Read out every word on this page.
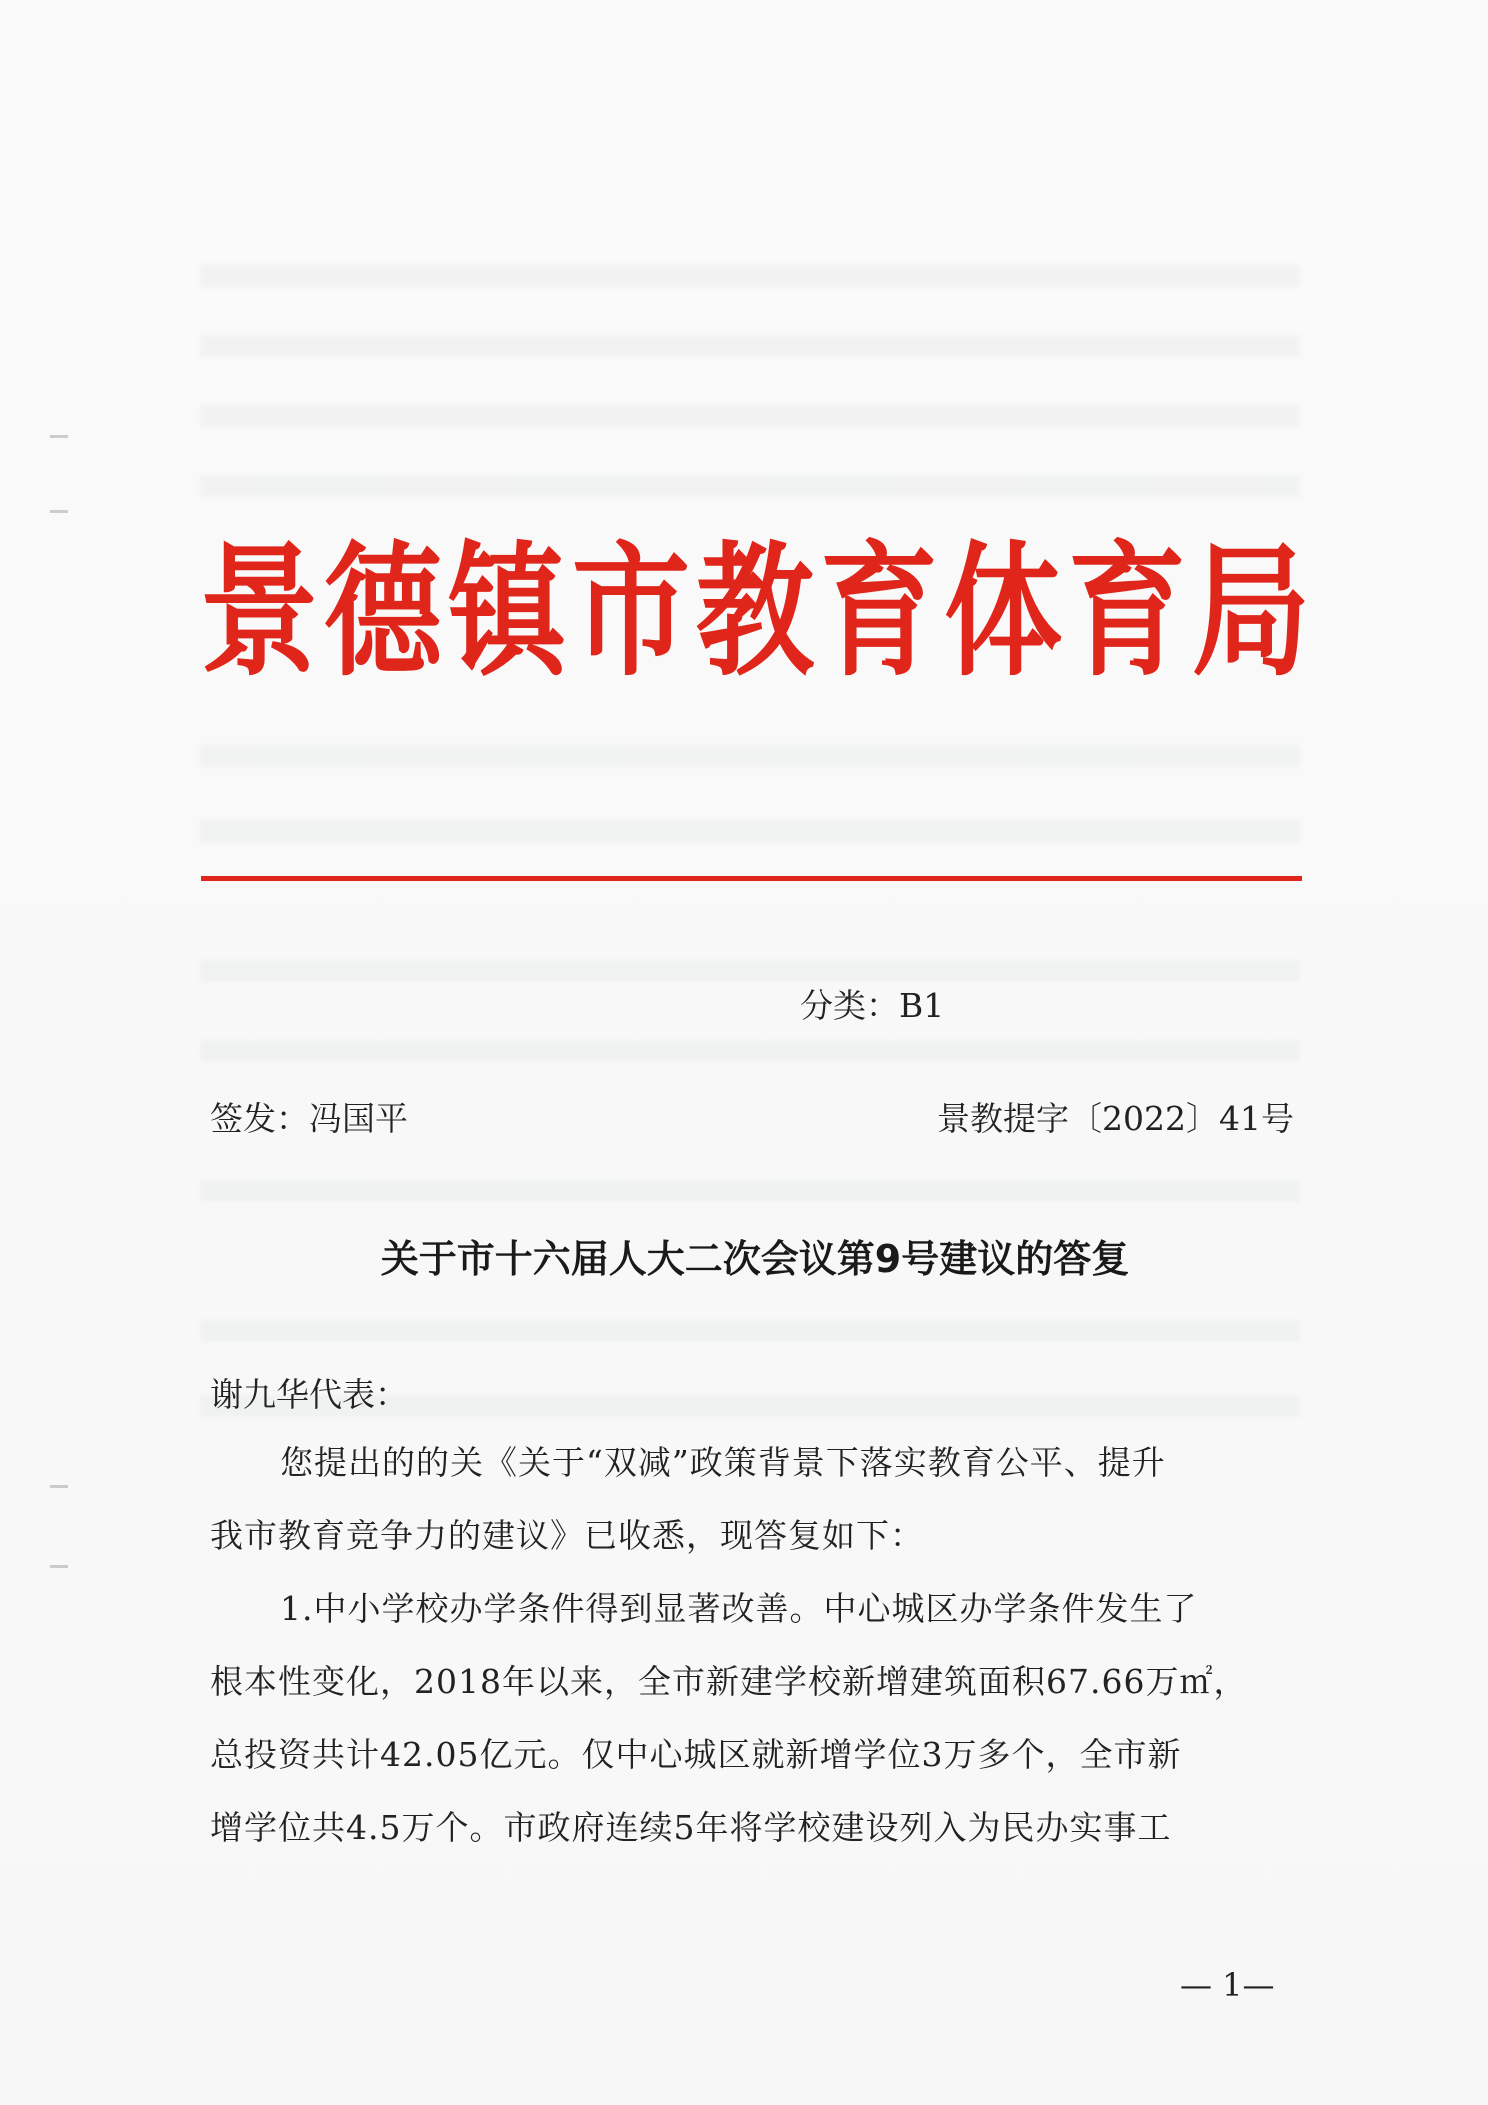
景德镇市教育体育局
分类：B1
签发：冯国平	景教提字〔2022〕41号
关于市十六届人大二次会议第9号建议的答复
谢九华代表：
您提出的的关《关于“双减”政策背景下落实教育公平、提升
我市教育竞争力的建议》已收悉，现答复如下：
1.中小学校办学条件得到显著改善。中心城区办学条件发生了
根本性变化，2018年以来，全市新建学校新增建筑面积67.66万㎡，
总投资共计42.05亿元。仅中心城区就新增学位3万多个，全市新
增学位共4.5万个。市政府连续5年将学校建设列入为民办实事工
— 1—
